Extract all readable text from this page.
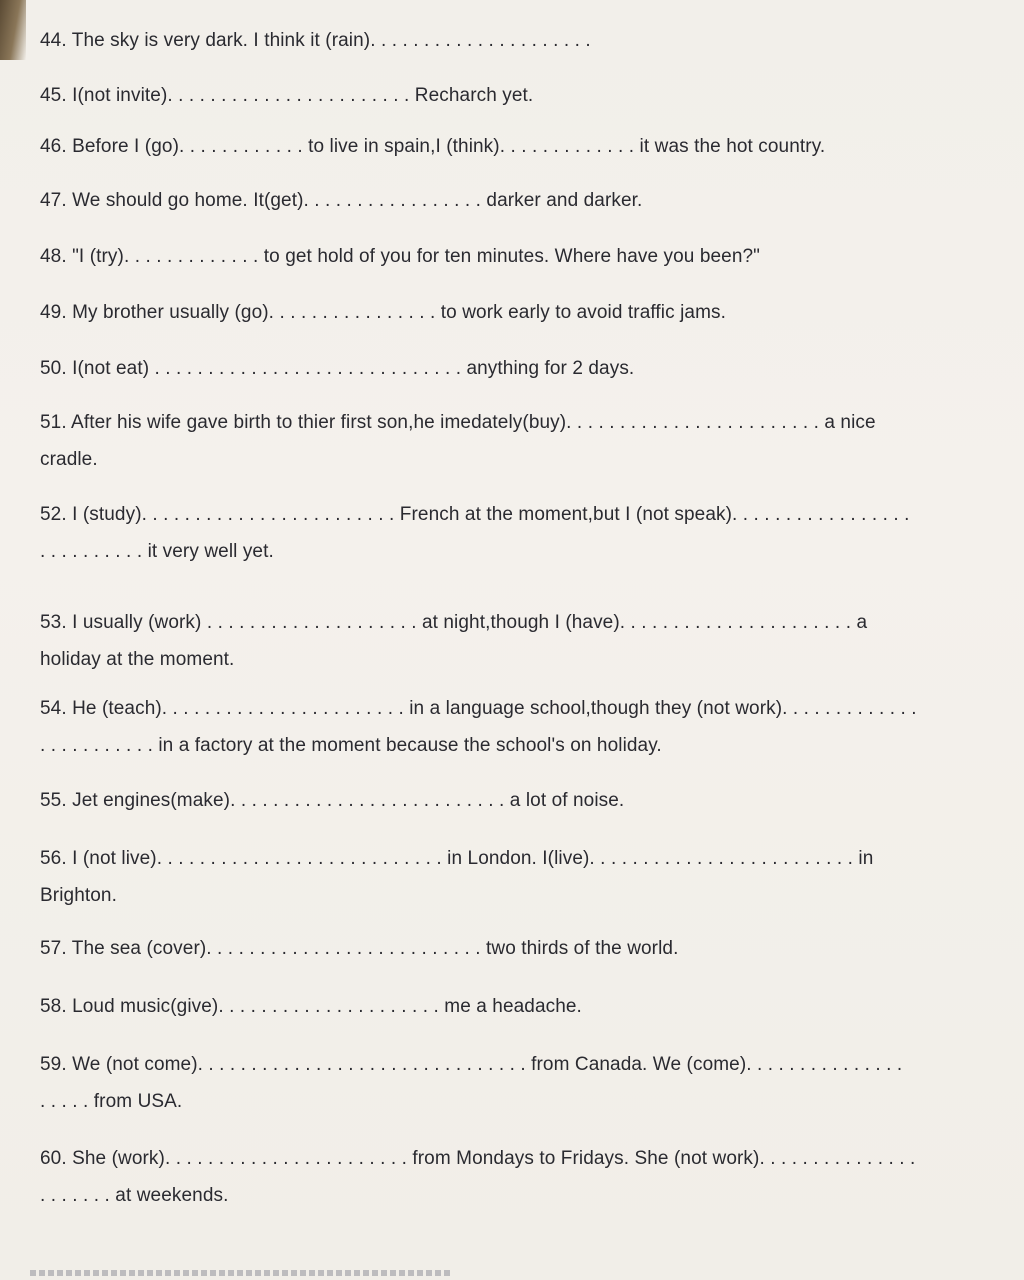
44. The sky is very dark. I think it (rain). . . . . . . . . . . . . . . . . . . . .
45. I(not invite). . . . . . . . . . . . . . . . . . . . . . . Recharch yet.
46. Before I (go). . . . . . . . . . . . to live in spain,I (think). . . . . . . . . . . . . it was the hot country.
47. We should go home. It(get). . . . . . . . . . . . . . . . . darker and darker.
48. "I (try). . . . . . . . . . . . . to get hold of you for ten minutes. Where have you been?"
49. My brother usually (go). . . . . . . . . . . . . . . . to work early to avoid traffic jams.
50. I(not eat) . . . . . . . . . . . . . . . . . . . . . . . . . . . . . anything for 2 days.
51. After his wife gave birth to thier first son,he imedately(buy). . . . . . . . . . . . . . . . . . . . . . . . a nice
cradle.
52. I (study). . . . . . . . . . . . . . . . . . . . . . . . French at the moment,but I (not speak). . . . . . . . . . . . . . . . .
. . . . . . . . . . it very well yet.
53. I usually (work) . . . . . . . . . . . . . . . . . . . . at night,though I (have). . . . . . . . . . . . . . . . . . . . . . a
holiday at the moment.
54. He (teach). . . . . . . . . . . . . . . . . . . . . . . in a language school,though they (not work). . . . . . . . . . . . .
. . . . . . . . . . . in a factory at the moment because the school's on holiday.
55. Jet engines(make). . . . . . . . . . . . . . . . . . . . . . . . . . a lot of noise.
56. I (not live). . . . . . . . . . . . . . . . . . . . . . . . . . . in London. I(live). . . . . . . . . . . . . . . . . . . . . . . . . in
Brighton.
57. The sea (cover). . . . . . . . . . . . . . . . . . . . . . . . . . two thirds of the world.
58. Loud music(give). . . . . . . . . . . . . . . . . . . . . me a headache.
59. We (not come). . . . . . . . . . . . . . . . . . . . . . . . . . . . . . . from Canada. We (come). . . . . . . . . . . . . . .
. . . . . from USA.
60. She (work). . . . . . . . . . . . . . . . . . . . . . . from Mondays to Fridays. She (not work). . . . . . . . . . . . . . .
. . . . . . . at weekends.
